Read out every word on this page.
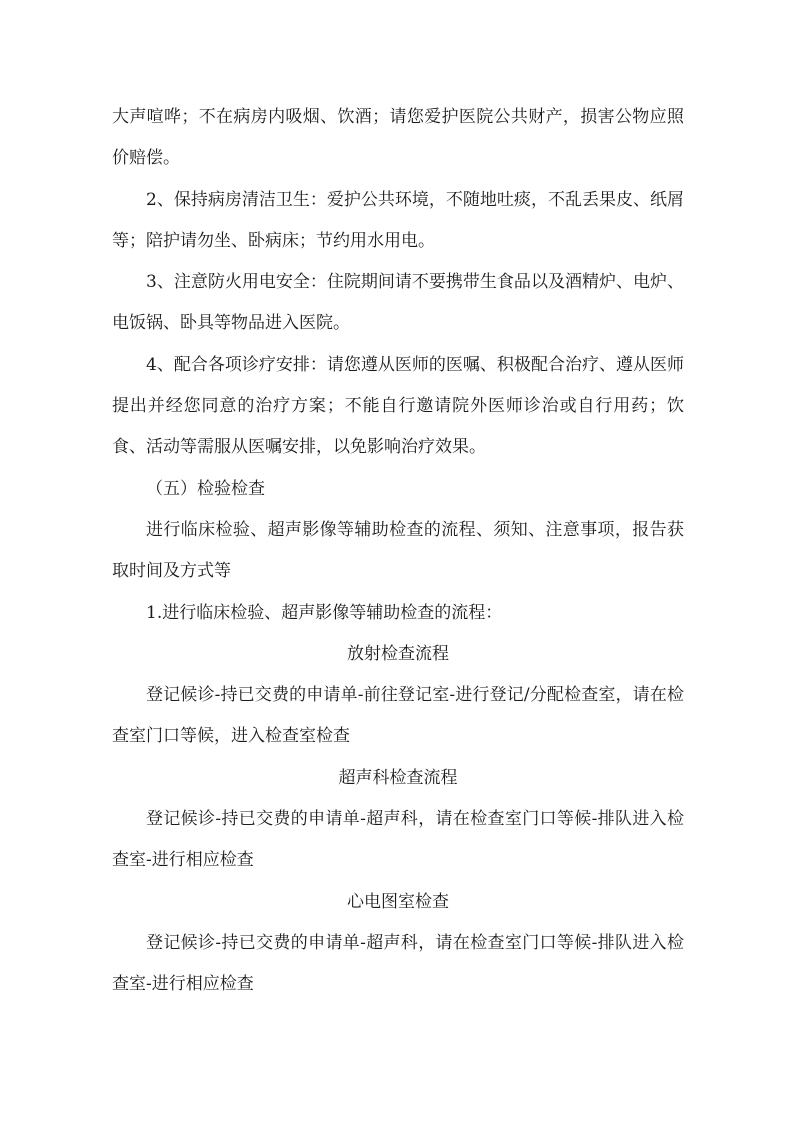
大声喧哗；不在病房内吸烟、饮酒；请您爱护医院公共财产，损害公物应照价赔偿。

2、保持病房清洁卫生：爱护公共环境，不随地吐痰，不乱丢果皮、纸屑等；陪护请勿坐、卧病床；节约用水用电。

3、注意防火用电安全：住院期间请不要携带生食品以及酒精炉、电炉、电饭锅、卧具等物品进入医院。

4、配合各项诊疗安排：请您遵从医师的医嘱、积极配合治疗、遵从医师提出并经您同意的治疗方案；不能自行邀请院外医师诊治或自行用药；饮食、活动等需服从医嘱安排，以免影响治疗效果。

（五）检验检查

进行临床检验、超声影像等辅助检查的流程、须知、注意事项，报告获取时间及方式等

1.进行临床检验、超声影像等辅助检查的流程：

放射检查流程

登记候诊-持已交费的申请单-前往登记室-进行登记/分配检查室，请在检查室门口等候，进入检查室检查

超声科检查流程

登记候诊-持已交费的申请单-超声科，请在检查室门口等候-排队进入检查室-进行相应检查

心电图室检查

登记候诊-持已交费的申请单-超声科，请在检查室门口等候-排队进入检查室-进行相应检查
